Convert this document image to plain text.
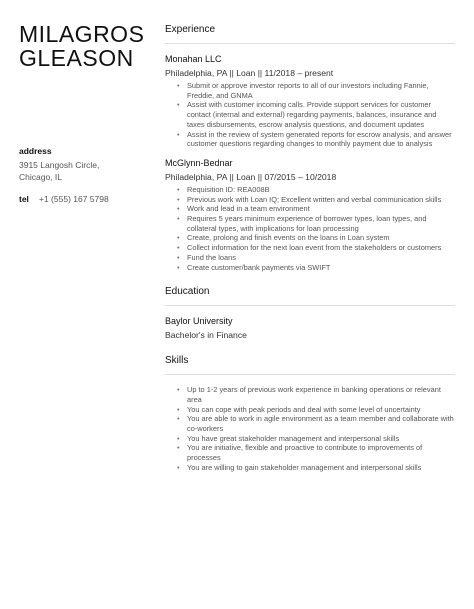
MILAGROS
GLEASON
address
3915 Langosh Circle,
Chicago, IL
tel +1 (555) 167 5798
Experience
Monahan LLC
Philadelphia, PA || Loan || 11/2018 – present
• Submit or approve investor reports to all of our investors including Fannie, Freddie, and GNMA
• Assist with customer incoming calls. Provide support services for customer contact (internal and external) regarding payments, balances, insurance and taxes disbursements, escrow analysis questions, and document updates
• Assist in the review of system generated reports for escrow analysis, and answer customer questions regarding changes to monthly payment due to analysis
McGlynn-Bednar
Philadelphia, PA || Loan || 07/2015 – 10/2018
• Requisition ID: REA008B
• Previous work with Loan IQ; Excellent written and verbal communication skills
• Work and lead in a team environment
• Requires 5 years minimum experience of borrower types, loan types, and collateral types, with implications for loan processing
• Create, prolong and finish events on the loans in Loan system
• Collect information for the next loan event from the stakeholders or customers
• Fund the loans
• Create customer/bank payments via SWIFT
Education
Baylor University
Bachelor's in Finance
Skills
• Up to 1-2 years of previous work experience in banking operations or relevant area
• You can cope with peak periods and deal with some level of uncertainty
• You are able to work in agile environment as a team member and collaborate with co-workers
• You have great stakeholder management and interpersonal skills
• You are initiative, flexible and proactive to contribute to improvements of processes
• You are willing to gain stakeholder management and interpersonal skills
